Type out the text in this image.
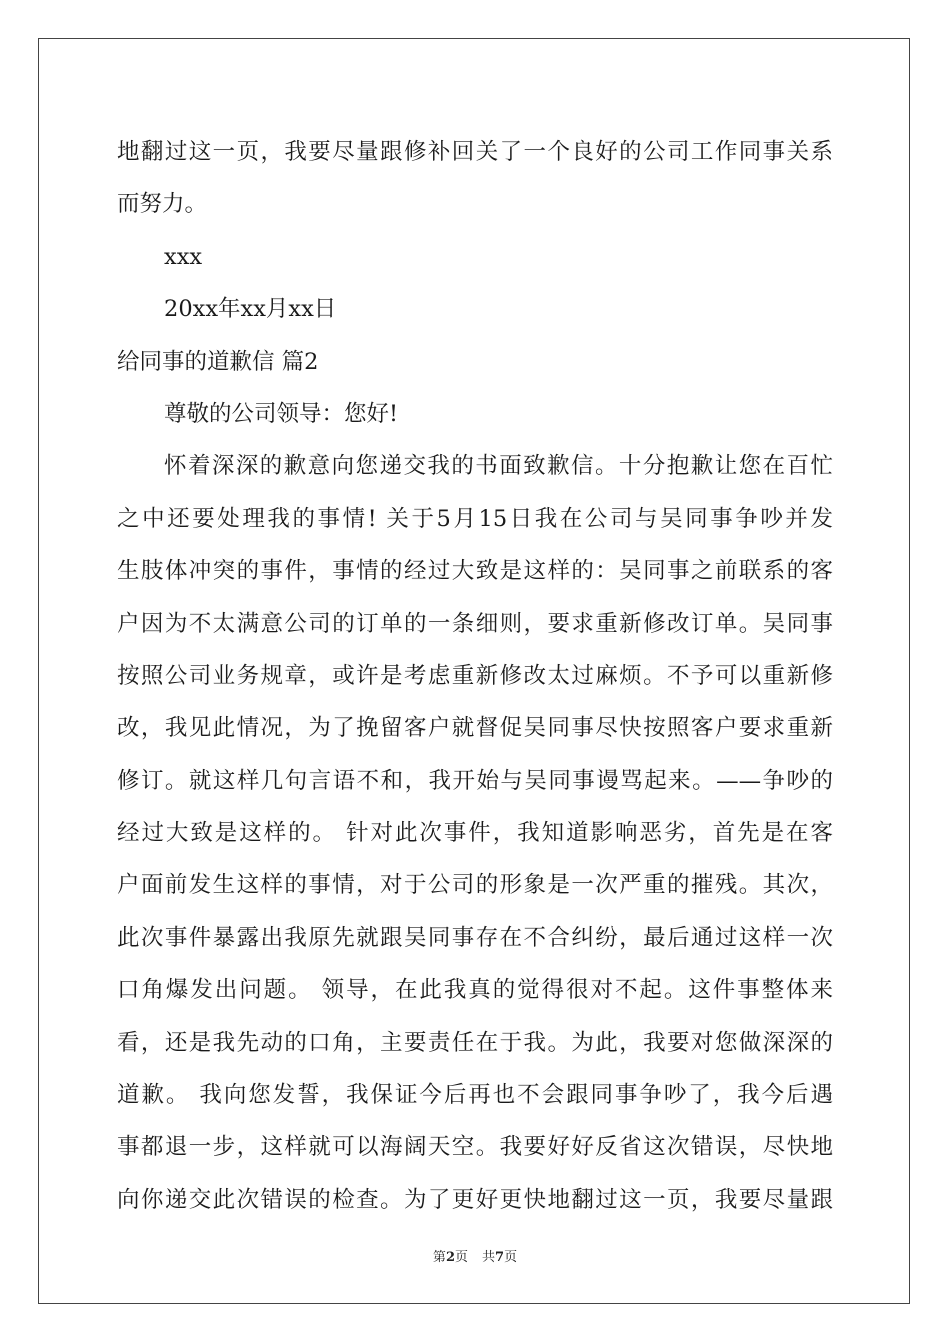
地翻过这一页，我要尽量跟修补回关了一个良好的公司工作同事关系
而努力。
xxx
20xx年xx月xx日
给同事的道歉信 篇2
尊敬的公司领导：您好!
怀着深深的歉意向您递交我的书面致歉信。十分抱歉让您在百忙
之中还要处理我的事情! 关于5月15日我在公司与吴同事争吵并发
生肢体冲突的事件，事情的经过大致是这样的：吴同事之前联系的客
户因为不太满意公司的订单的一条细则，要求重新修改订单。吴同事
按照公司业务规章，或许是考虑重新修改太过麻烦。不予可以重新修
改，我见此情况，为了挽留客户就督促吴同事尽快按照客户要求重新
修订。就这样几句言语不和，我开始与吴同事谩骂起来。——争吵的
经过大致是这样的。 针对此次事件，我知道影响恶劣，首先是在客
户面前发生这样的事情，对于公司的形象是一次严重的摧残。其次，
此次事件暴露出我原先就跟吴同事存在不合纠纷，最后通过这样一次
口角爆发出问题。 领导，在此我真的觉得很对不起。这件事整体来
看，还是我先动的口角，主要责任在于我。为此，我要对您做深深的
道歉。 我向您发誓，我保证今后再也不会跟同事争吵了，我今后遇
事都退一步，这样就可以海阔天空。我要好好反省这次错误，尽快地
向你递交此次错误的检查。为了更好更快地翻过这一页，我要尽量跟
第2页 共7页
